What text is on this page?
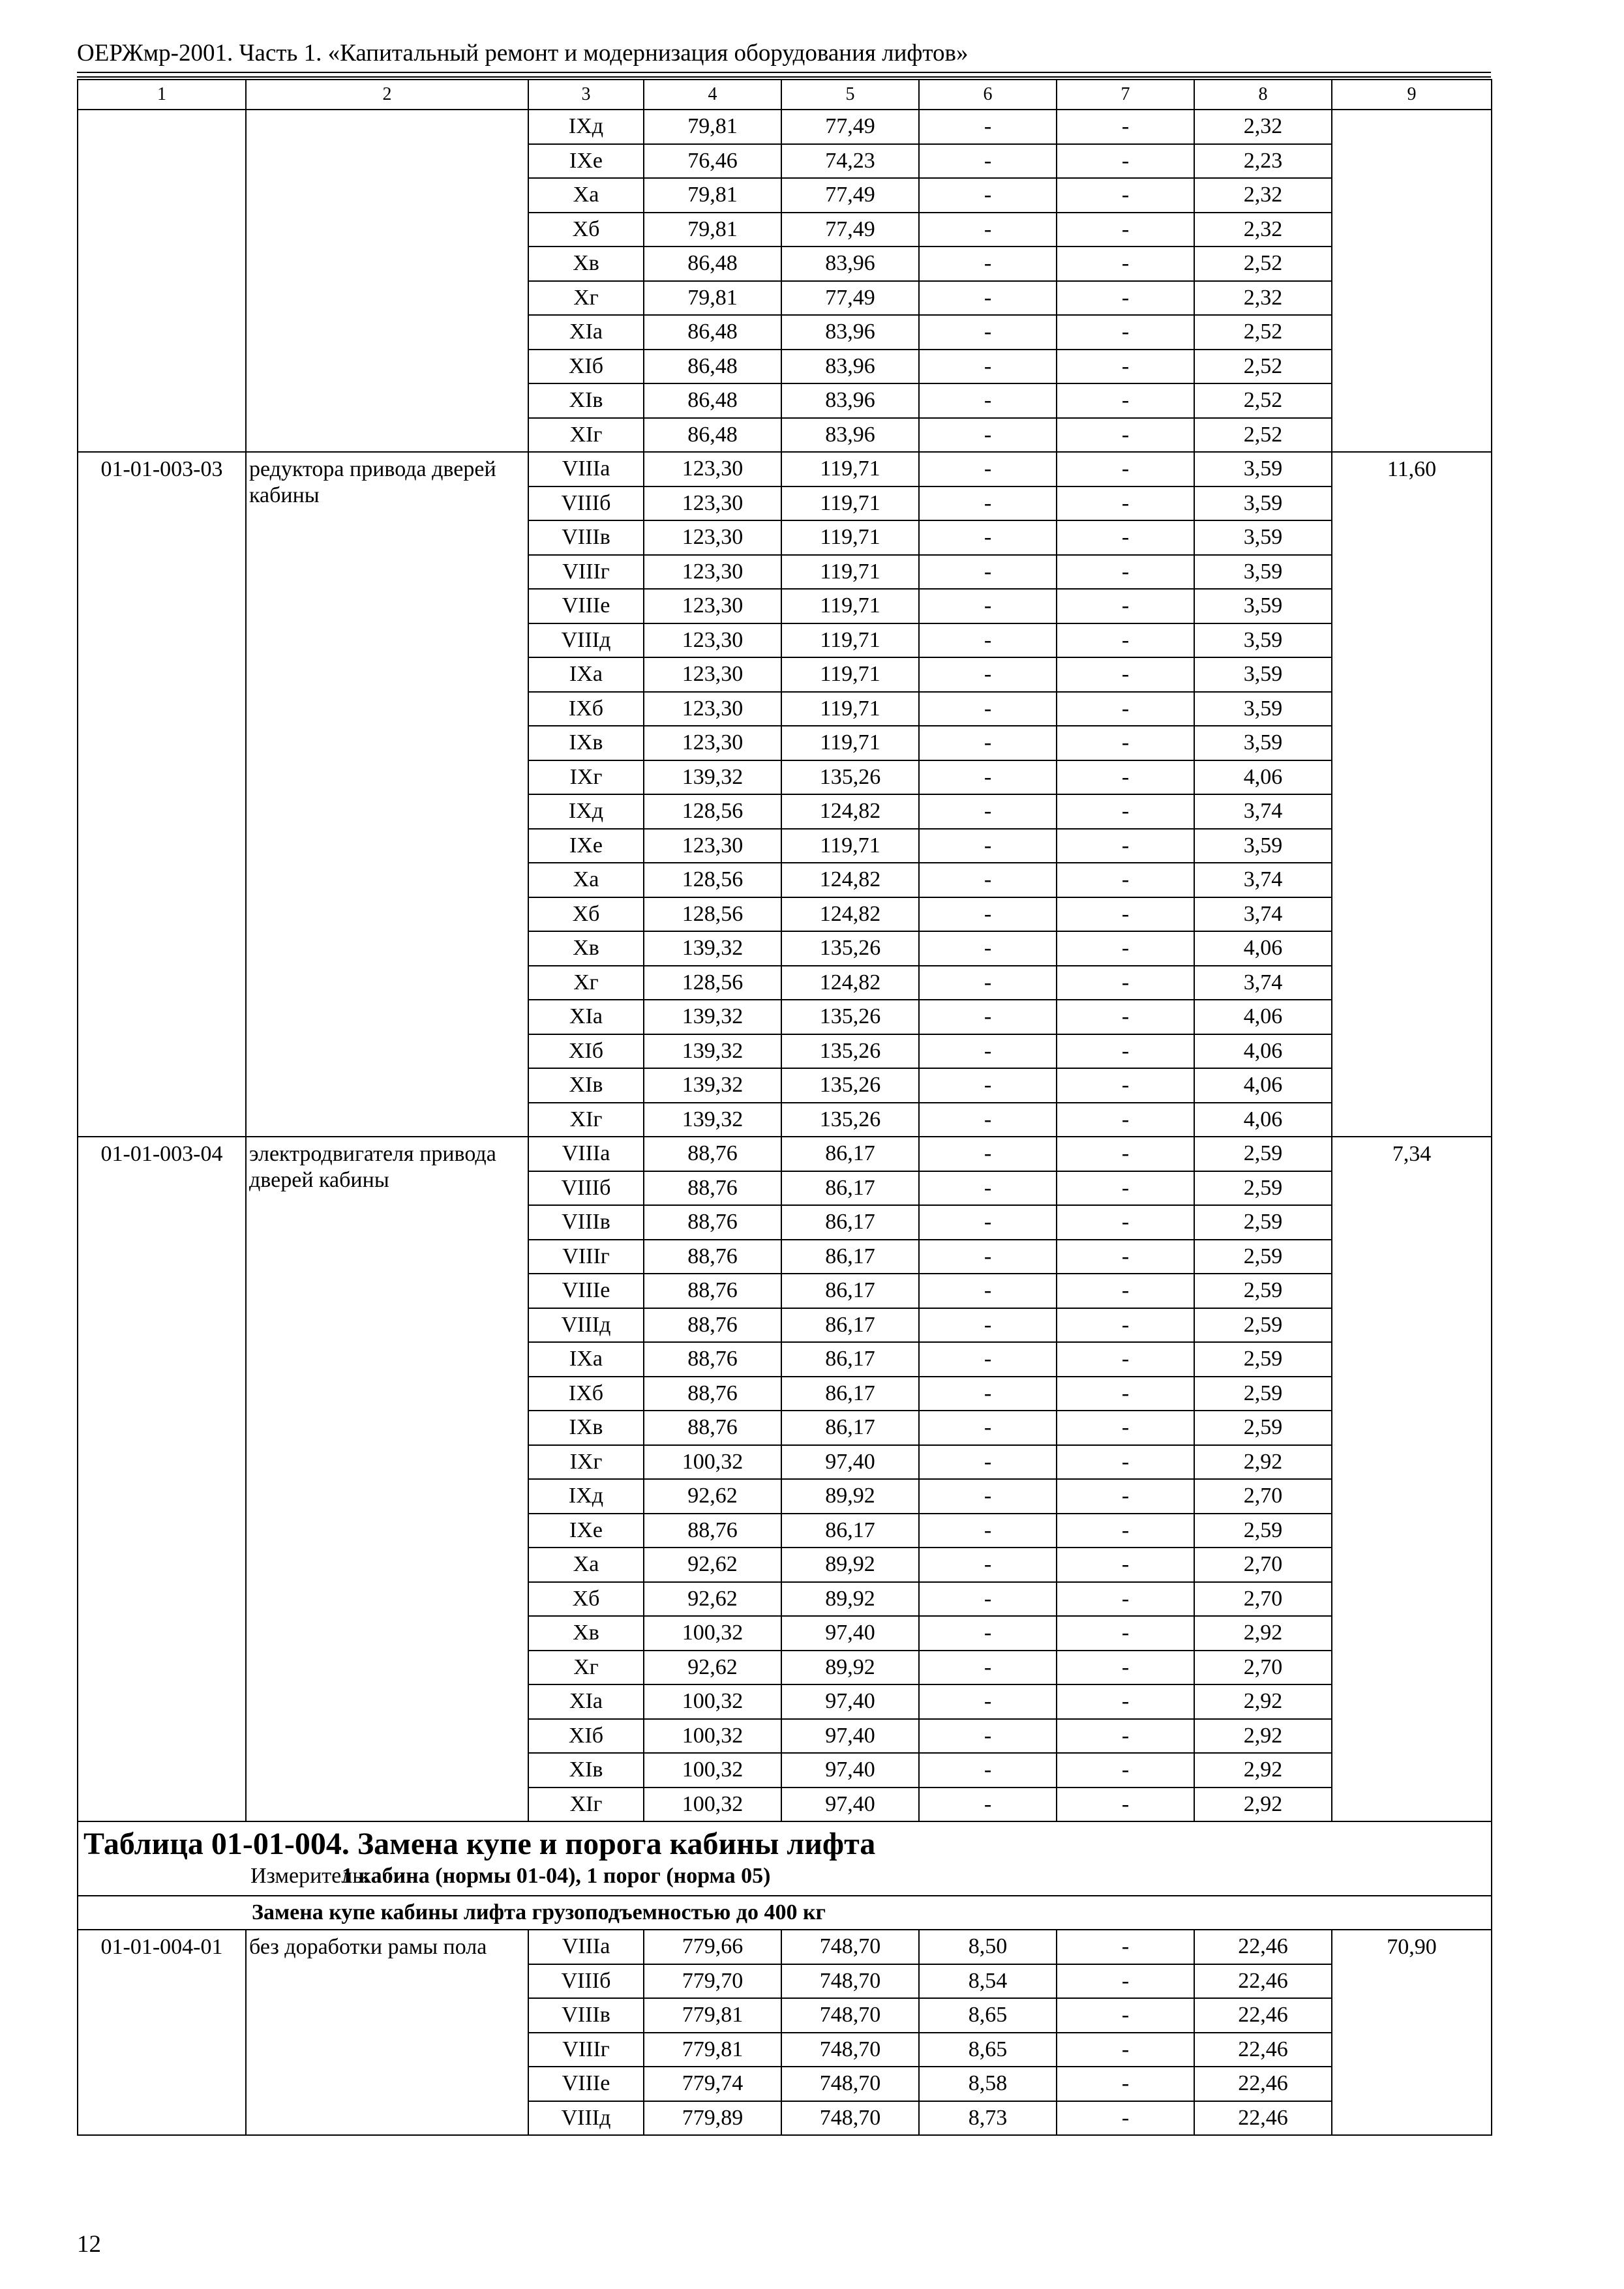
ОЕРЖмр-2001. Часть 1. «Капитальный ремонт и модернизация оборудования лифтов»
1	2	3	4	5	6	7	8	9
		IXд	79,81	77,49	-	-	2,32	
		IXе	76,46	74,23	-	-	2,23	
		Xа	79,81	77,49	-	-	2,32	
		Xб	79,81	77,49	-	-	2,32	
		Xв	86,48	83,96	-	-	2,52	
		Xг	79,81	77,49	-	-	2,32	
		XIа	86,48	83,96	-	-	2,52	
		XIб	86,48	83,96	-	-	2,52	
		XIв	86,48	83,96	-	-	2,52	
		XIг	86,48	83,96	-	-	2,52	
01-01-003-03	редуктора привода дверей кабины	VIIIа	123,30	119,71	-	-	3,59	11,60
		VIIIб	123,30	119,71	-	-	3,59	
		VIIIв	123,30	119,71	-	-	3,59	
		VIIIг	123,30	119,71	-	-	3,59	
		VIIIе	123,30	119,71	-	-	3,59	
		VIIIд	123,30	119,71	-	-	3,59	
		IXа	123,30	119,71	-	-	3,59	
		IXб	123,30	119,71	-	-	3,59	
		IXв	123,30	119,71	-	-	3,59	
		IXг	139,32	135,26	-	-	4,06	
		IXд	128,56	124,82	-	-	3,74	
		IXе	123,30	119,71	-	-	3,59	
		Xа	128,56	124,82	-	-	3,74	
		Xб	128,56	124,82	-	-	3,74	
		Xв	139,32	135,26	-	-	4,06	
		Xг	128,56	124,82	-	-	3,74	
		XIа	139,32	135,26	-	-	4,06	
		XIб	139,32	135,26	-	-	4,06	
		XIв	139,32	135,26	-	-	4,06	
		XIг	139,32	135,26	-	-	4,06	
01-01-003-04	электродвигателя привода дверей кабины	VIIIа	88,76	86,17	-	-	2,59	7,34
		VIIIб	88,76	86,17	-	-	2,59	
		VIIIв	88,76	86,17	-	-	2,59	
		VIIIг	88,76	86,17	-	-	2,59	
		VIIIе	88,76	86,17	-	-	2,59	
		VIIIд	88,76	86,17	-	-	2,59	
		IXа	88,76	86,17	-	-	2,59	
		IXб	88,76	86,17	-	-	2,59	
		IXв	88,76	86,17	-	-	2,59	
		IXг	100,32	97,40	-	-	2,92	
		IXд	92,62	89,92	-	-	2,70	
		IXе	88,76	86,17	-	-	2,59	
		Xа	92,62	89,92	-	-	2,70	
		Xб	92,62	89,92	-	-	2,70	
		Xв	100,32	97,40	-	-	2,92	
		Xг	92,62	89,92	-	-	2,70	
		XIа	100,32	97,40	-	-	2,92	
		XIб	100,32	97,40	-	-	2,92	
		XIв	100,32	97,40	-	-	2,92	
		XIг	100,32	97,40	-	-	2,92	
Таблица 01-01-004. Замена купе и порога кабины лифта								

Измеритель:
1 кабина (нормы 01-04), 1 порог (норма 05)								

Замена купе кабины лифта грузоподъемностью до 400 кг								
01-01-004-01	без доработки рамы пола	VIIIа	779,66	748,70	8,50	-	22,46	70,90
		VIIIб	779,70	748,70	8,54	-	22,46	
		VIIIв	779,81	748,70	8,65	-	22,46	
		VIIIг	779,81	748,70	8,65	-	22,46	
		VIIIе	779,74	748,70	8,58	-	22,46	
		VIIIд	779,89	748,70	8,73	-	22,46	
12
